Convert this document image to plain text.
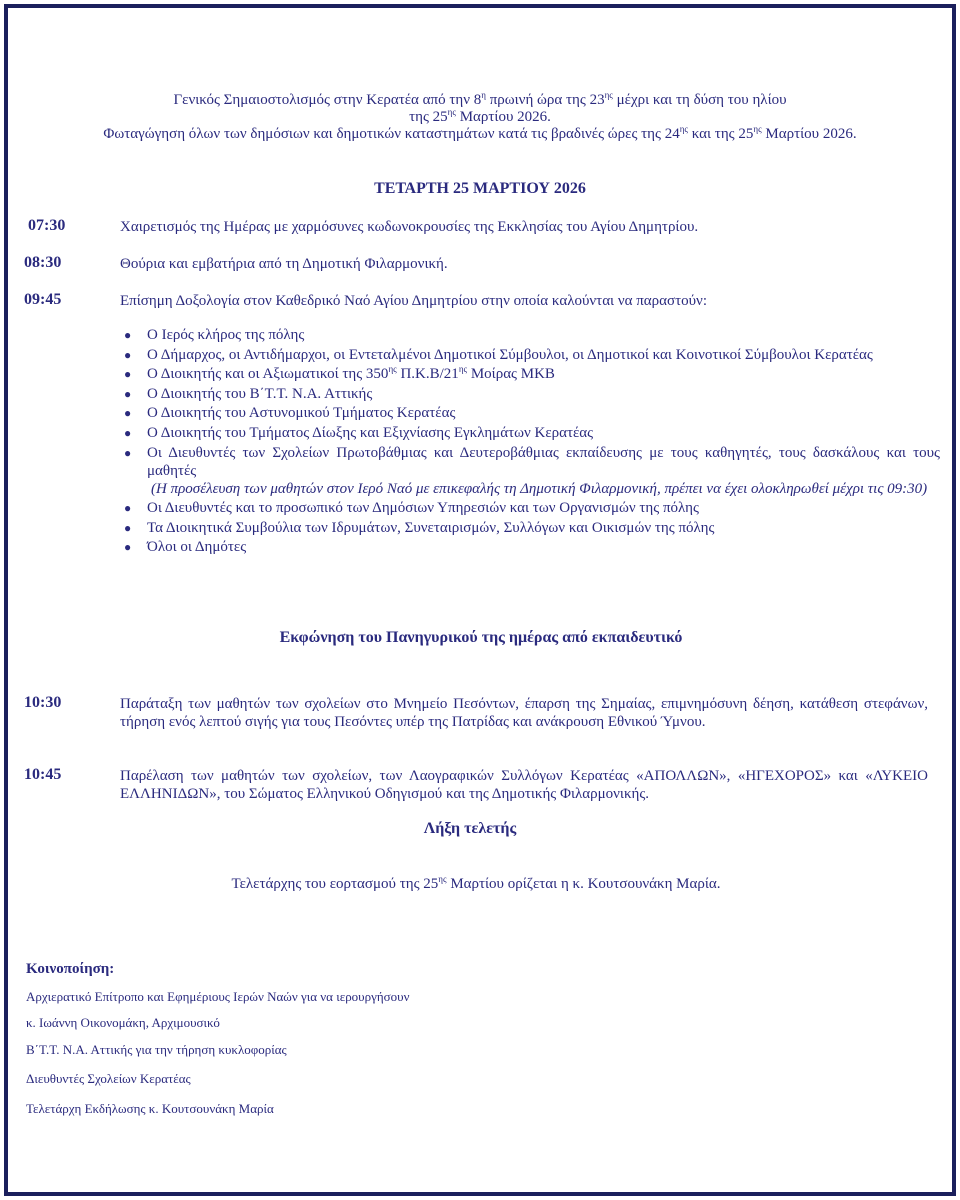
Γενικός Σημαιοστολισμός στην Κερατέα από την $8^\eta$ πρωινή ώρα της $23^{\eta\varsigma}$ μέχρι και τη δύση του ηλίου
της $25^{\eta\varsigma}$ Μαρτίου 2026.
Φωταγώγηση όλων των δημόσιων και δημοτικών καταστημάτων κατά τις βραδινές ώρες της $24^{\eta\varsigma}$ και της $25^{\eta\varsigma}$ Μαρτίου 2026.
ΤΕΤΑΡΤΗ 25 ΜΑΡΤΙΟΥ 2026
07:30	Χαιρετισμός της Ημέρας με χαρμόσυνες κωδωνοκρουσίες της Εκκλησίας του Αγίου Δημητρίου.
08:30	Θούρια και εμβατήρια από τη Δημοτική Φιλαρμονική.
09:45	Επίσημη Δοξολογία στον Καθεδρικό Ναό Αγίου Δημητρίου στην οποία καλούνται να παραστούν:
● Ο Ιερός κλήρος της πόλης
● Ο Δήμαρχος, οι Αντιδήμαρχοι, οι Εντεταλμένοι Δημοτικοί Σύμβουλοι, οι Δημοτικοί και Κοινοτικοί Σύμβουλοι Κερατέας
● Ο Διοικητής και οι Αξιωματικοί της $350^{\eta\varsigma}$ $\Pi.K.B/21^{\eta\varsigma}$ Μοίρας ΜΚΒ
● Ο Διοικητής του Β΄Τ.Τ. Ν.Α. Αττικής
● Ο Διοικητής του Αστυνομικού Τμήματος Κερατέας
● Ο Διοικητής του Τμήματος Δίωξης και Εξιχνίασης Εγκλημάτων Κερατέας
● Οι Διευθυντές των Σχολείων Πρωτοβάθμιας και Δευτεροβάθμιας εκπαίδευσης με τους καθηγητές, τους δασκάλους και τους μαθητές
(Η προσέλευση των μαθητών στον Ιερό Ναό με επικεφαλής τη Δημοτική Φιλαρμονική, πρέπει να έχει ολοκληρωθεί μέχρι τις 09:30)
● Οι Διευθυντές και το προσωπικό των Δημόσιων Υπηρεσιών και των Οργανισμών της πόλης
● Τα Διοικητικά Συμβούλια των Ιδρυμάτων, Συνεταιρισμών, Συλλόγων και Οικισμών της πόλης
● Όλοι οι Δημότες
Εκφώνηση του Πανηγυρικού της ημέρας από εκπαιδευτικό
10:30	Παράταξη των μαθητών των σχολείων στο Μνημείο Πεσόντων, έπαρση της Σημαίας, επιμνημόσυνη δέηση, κατάθεση στεφάνων, τήρηση ενός λεπτού σιγής για τους Πεσόντες υπέρ της Πατρίδας και ανάκρουση Εθνικού Ύμνου.
10:45	Παρέλαση των μαθητών των σχολείων, των Λαογραφικών Συλλόγων Κερατέας «ΑΠΟΛΛΩΝ», «ΗΓΕΧΟΡΟΣ» και «ΛΥΚΕΙΟ ΕΛΛΗΝΙΔΩΝ», του Σώματος Ελληνικού Οδηγισμού και της Δημοτικής Φιλαρμονικής.
Λήξη τελετής
Τελετάρχης του εορτασμού της $25^{\eta\varsigma}$ Μαρτίου ορίζεται η κ. Κουτσουνάκη Μαρία.
Κοινοποίηση:
Αρχιερατικό Επίτροπο και Εφημέριους Ιερών Ναών για να ιερουργήσουν
κ. Ιωάννη Οικονομάκη, Αρχιμουσικό
Β΄Τ.Τ. Ν.Α. Αττικής για την τήρηση κυκλοφορίας
Διευθυντές Σχολείων Κερατέας
Τελετάρχη Εκδήλωσης κ. Κουτσουνάκη Μαρία
